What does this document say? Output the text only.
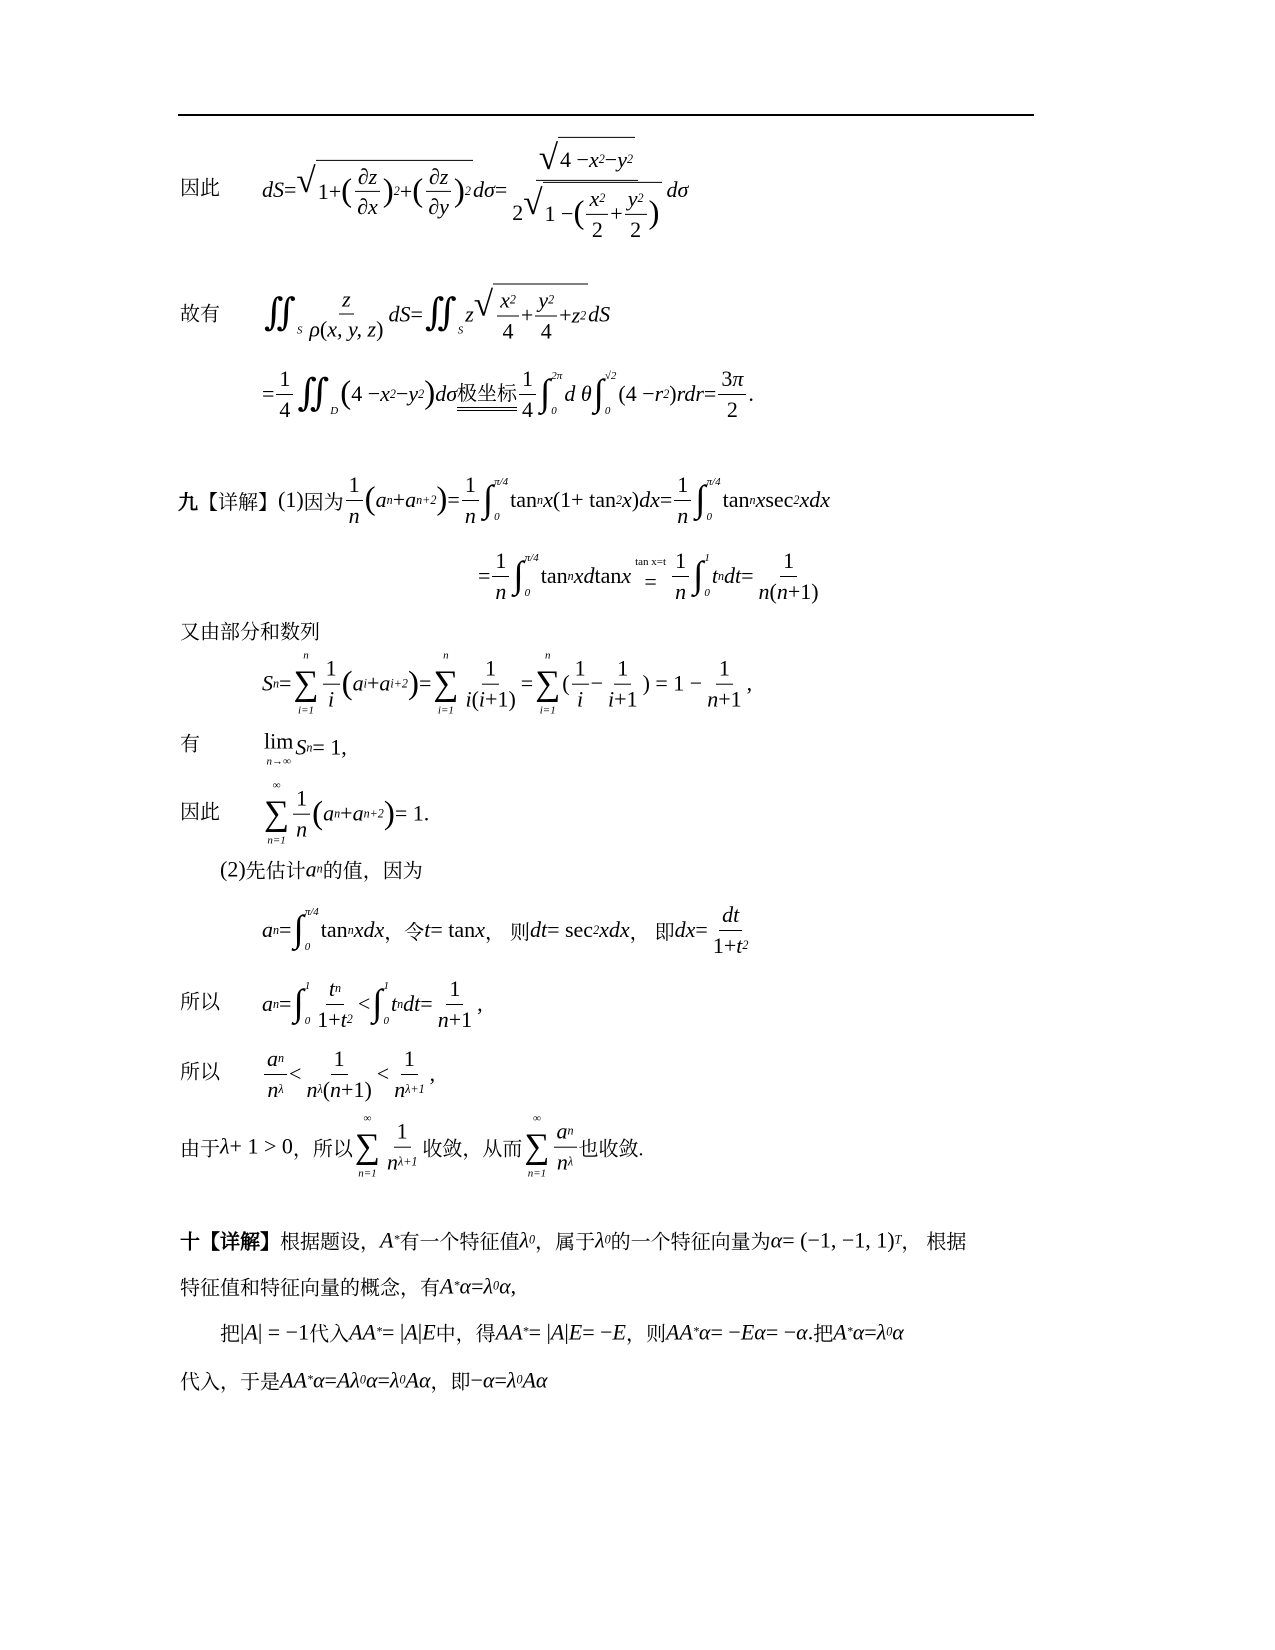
因此 dS = √ 1+ ( $\frac{\partial z}{\partial x}$ ) 2 + ( $\frac{\partial z}{\partial y}$ ) 2 $d\sigma = \frac{√ 4 - x 2 - y 2}{2 √ 1 - ( \frac{x 2}{2} + \frac{y 2}{2} )}$ dσ
故有 ∬ S $\frac{z}{\rho ( x, y, z )}$ dS = ∬ S
z √ $\frac{x 2}{4} + \frac{y 2}{4} + z$ 2 dS
= $\frac{1}{4}$ ∬ D ( 4 − x 2 − y 2 ) dσ 极坐标 $\frac{1}{4}$ ∫ 2π
0
d θ ∫ √2
0
(4 − r 2 ) rdr = $\frac{3 \pi}{2}$ .
九 【详解】 (1) 因为 $\frac{1}{n}$ ( a n + a n+2 ) = $\frac{1}{n}$ ∫ π/4
0
tan n x (1+ tan 2 x ) dx = $\frac{1}{n}$ ∫ π/4
0
tan n x sec 2 xdx
= $\frac{1}{n}$ ∫ π/4
0
tan n xd tan x
tan x=t
= $\frac{1}{n}$ ∫ 1
0
t n dt = $\frac{1}{n ( n +1)}$
又由部分和数列
S n =
n
∑
$i=1 \frac{1}{i}$ ( a i + a i+2 ) =
n
∑
$i=1 \frac{1}{i ( i +1)}$ =
n
∑
i=1
( $\frac{1}{i} - \frac{1}{i +1}$ ) = $1 - \frac{1}{n +1}$ ,
有	lim
n→∞
S n = 1,
因此
∞
∑
$n=1 \frac{1}{n}$ ( a n + a n+2 ) = 1.
(2) 先估计 a n 的值，因为
a n = ∫ π/4
0
tan n xdx ，令 t = tan x ， 则 dt = sec 2 xdx ， 即 dx = $\frac{dt}{1+ t 2}$
所以 a n = ∫ 1
$0 \frac{\text{t n}}{1+ t 2}$ < ∫ 1
0
t n dt = $\frac{1}{n +1}$ ,
所以 $\frac{\text{a n}}{\text{n λ}} < \frac{1}{\text{n λ ( n +1)}} < \frac{1}{\text{n λ+1}}$ ,
由于 λ + 1 > 0 ，所以
∞
∑
$n=1 \frac{1}{\text{n λ+1}}$ 收敛，从而
∞
∑
$n=1 \frac{\text{a n}}{\text{n λ}}$ 也收敛.
十【详解】 根据题设， A * 有一个特征值 λ 0 ，属于 λ 0 的一个特征向量为 α = (−1, −1, 1) T ， 根据
特征值和特征向量的概念，有 A * α = λ 0 α ,
把 | A | = −1 代入 AA * = | A | E 中，得 AA * = | A | E = − E ，则 AA * α = − Eα = − α . 把 A * α = λ 0 α
代入，于是 AA * α = Aλ 0 α = λ 0 Aα ，即 − α = λ 0 Aα
